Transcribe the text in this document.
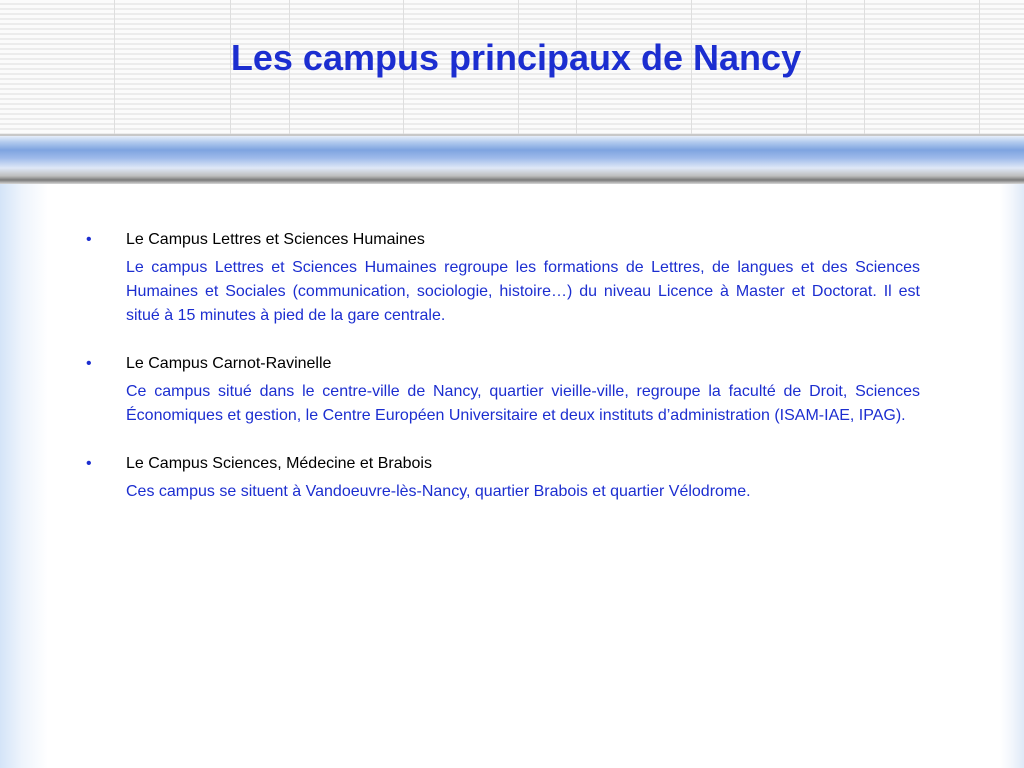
Les campus principaux de Nancy
• Le Campus Lettres et Sciences Humaines
Le campus Lettres et Sciences Humaines regroupe les formations de Lettres, de langues et des Sciences Humaines et Sociales (communication, sociologie, histoire…) du niveau Licence à Master et Doctorat. Il est situé à 15 minutes à pied de la gare centrale.
• Le Campus Carnot-Ravinelle
Ce campus situé dans le centre-ville de Nancy, quartier vieille-ville, regroupe la faculté de Droit, Sciences Économiques et gestion, le Centre Européen Universitaire et deux instituts d’administration (ISAM-IAE, IPAG).
• Le Campus Sciences, Médecine et Brabois
Ces campus se situent à Vandoeuvre-lès-Nancy, quartier Brabois et quartier Vélodrome.
